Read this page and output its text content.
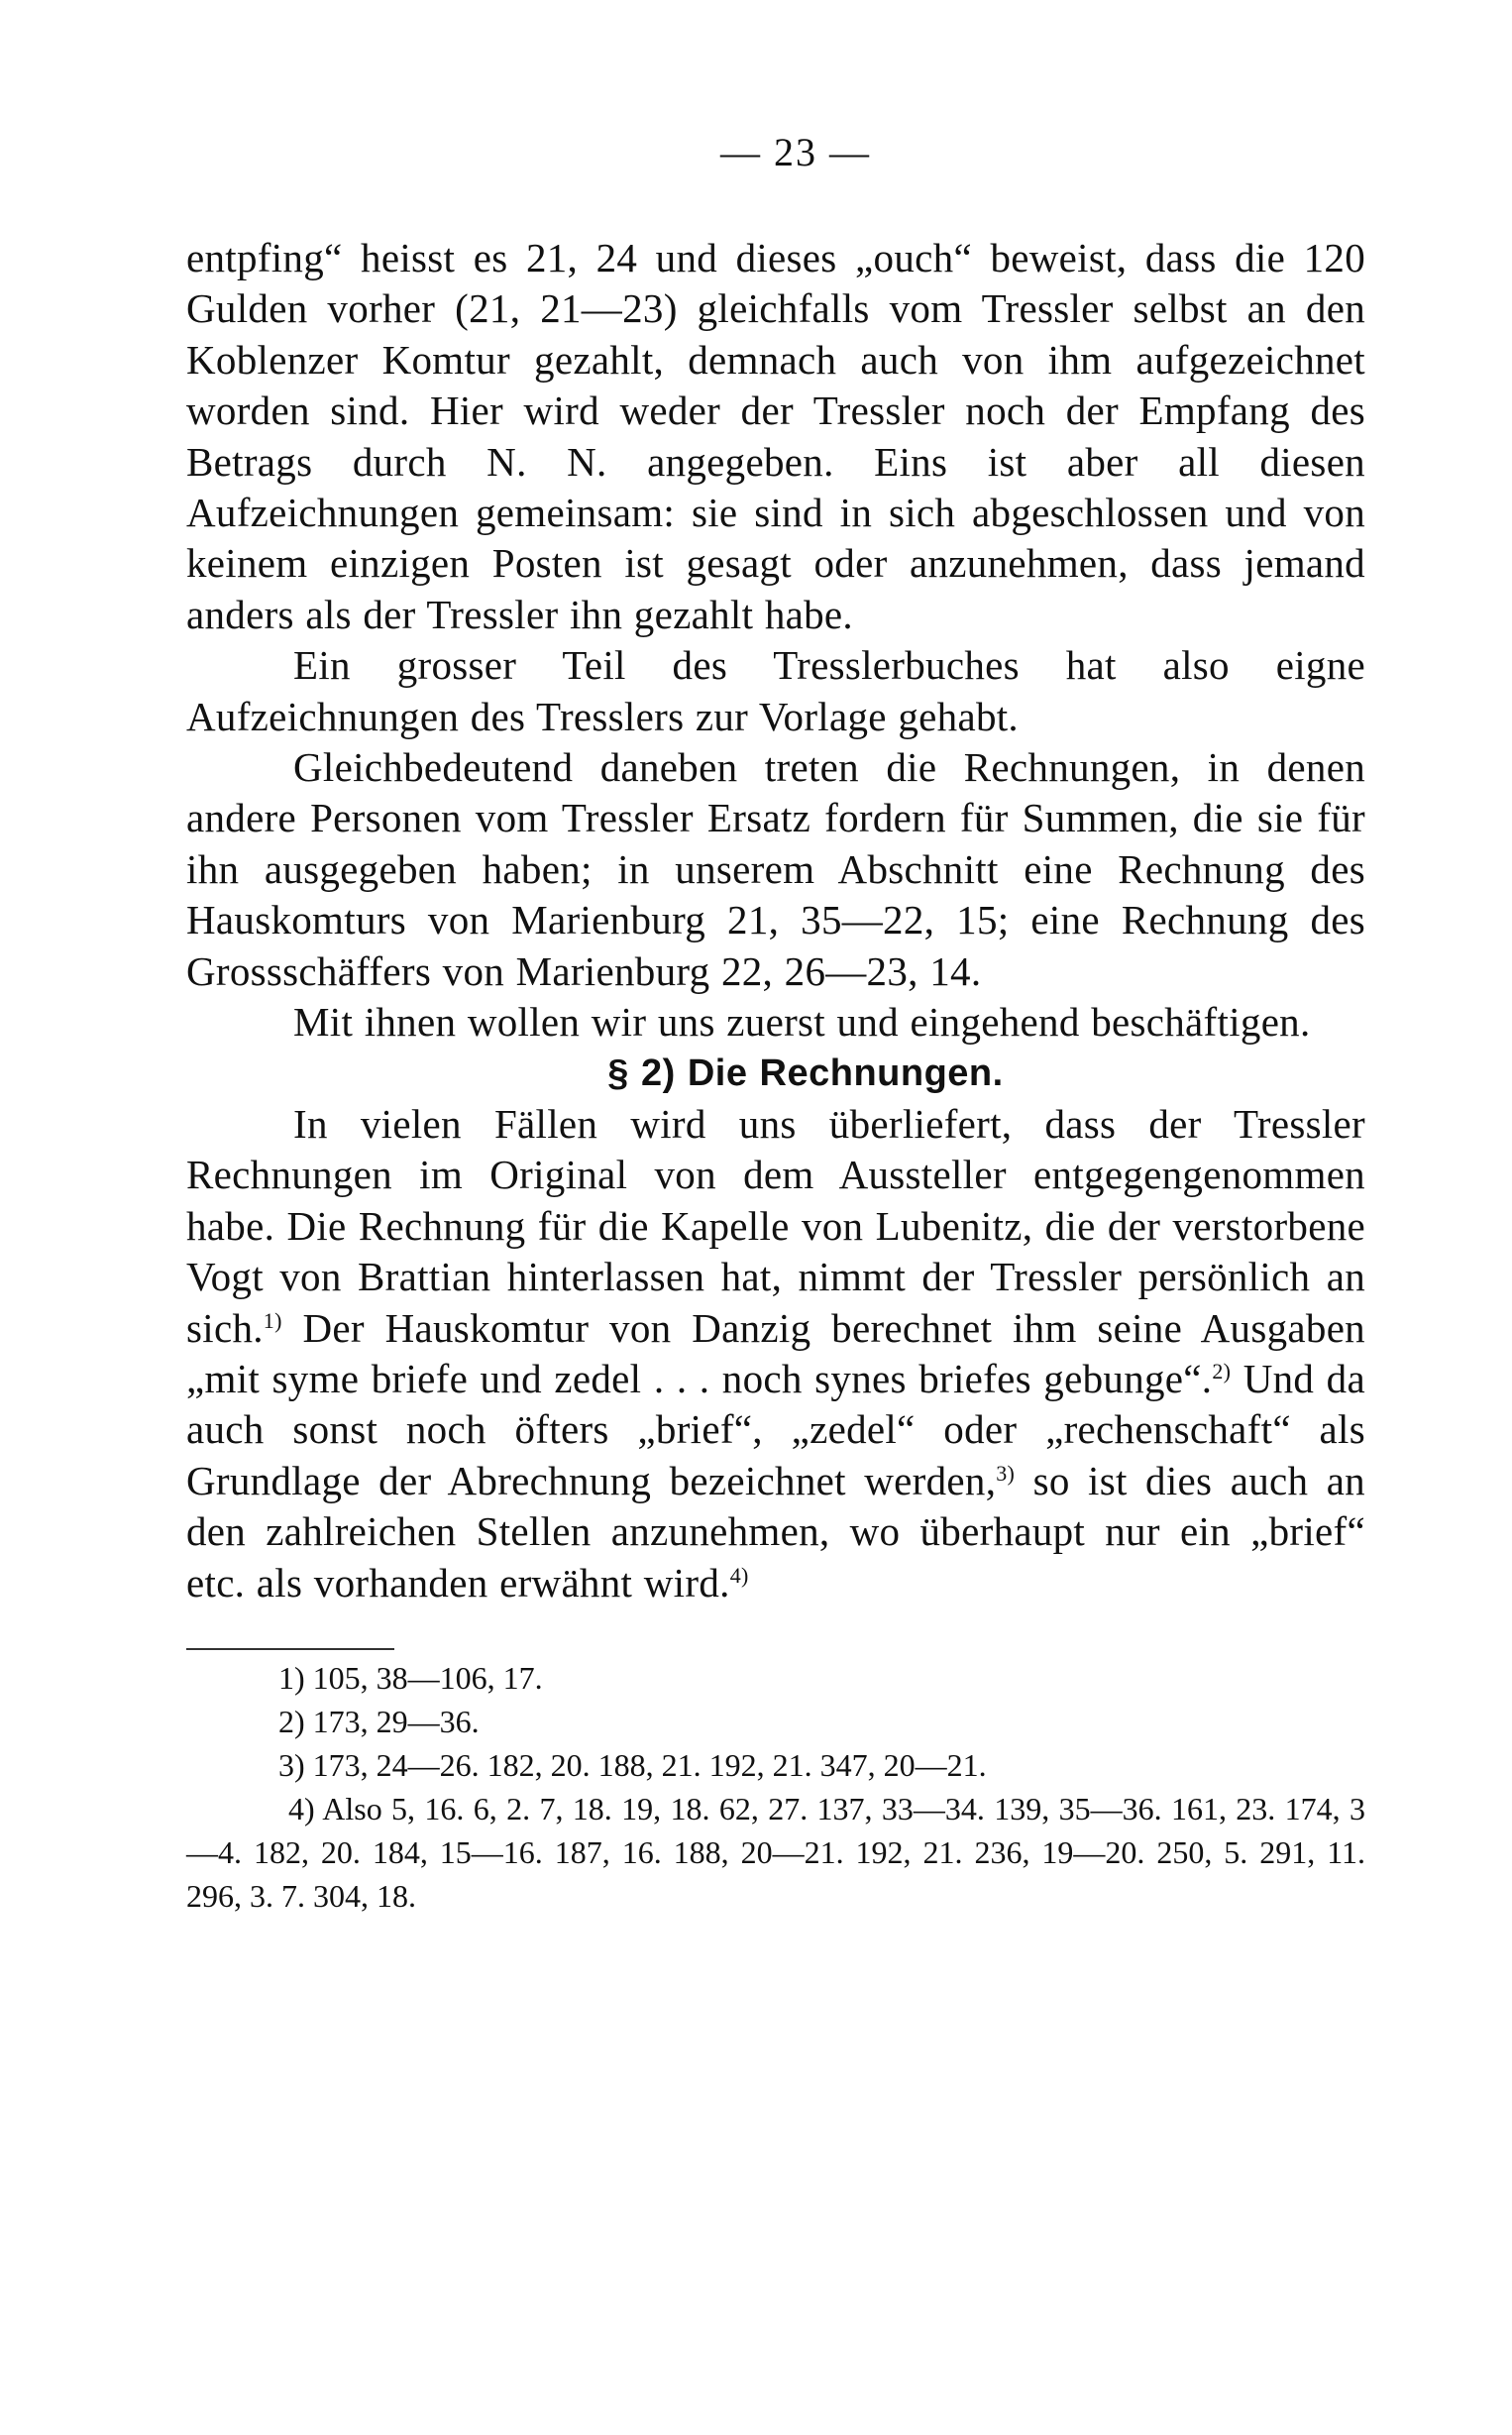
— 23 —

entpfing“ heisst es 21, 24 und dieses „ouch“ beweist, dass die 120 Gulden vorher (21, 21—23) gleichfalls vom Tressler selbst an den Koblenzer Komtur gezahlt, demnach auch von ihm aufgezeichnet worden sind. Hier wird weder der Tressler noch der Empfang des Betrags durch N. N. angegeben. Eins ist aber all diesen Aufzeichnungen gemeinsam: sie sind in sich abgeschlossen und von keinem einzigen Posten ist gesagt oder anzunehmen, dass jemand anders als der Tressler ihn gezahlt habe.

Ein grosser Teil des Tresslerbuches hat also eigne Aufzeichnungen des Tresslers zur Vorlage gehabt.

Gleichbedeutend daneben treten die Rechnungen, in denen andere Personen vom Tressler Ersatz fordern für Summen, die sie für ihn ausgegeben haben; in unserem Abschnitt eine Rechnung des Hauskomturs von Marienburg 21, 35—22, 15; eine Rechnung des Grossschäffers von Marienburg 22, 26—23, 14.

Mit ihnen wollen wir uns zuerst und eingehend beschäftigen.

§ 2) Die Rechnungen.

In vielen Fällen wird uns überliefert, dass der Tressler Rechnungen im Original von dem Aussteller entgegengenommen habe. Die Rechnung für die Kapelle von Lubenitz, die der verstorbene Vogt von Brattian hinterlassen hat, nimmt der Tressler persönlich an sich.$^{1)}$ Der Hauskomtur von Danzig berechnet ihm seine Ausgaben „mit syme briefe und zedel . . . noch synes briefes gebunge“.$^{2)}$ Und da auch sonst noch öfters „brief“, „zedel“ oder „rechenschaft“ als Grundlage der Abrechnung bezeichnet werden,$^{3)}$ so ist dies auch an den zahlreichen Stellen anzunehmen, wo überhaupt nur ein „brief“ etc. als vorhanden erwähnt wird.$^{4)}$

1) 105, 38—106, 17.

2) 173, 29—36.

3) 173, 24—26. 182, 20. 188, 21. 192, 21. 347, 20—21.

4) Also 5, 16. 6, 2. 7, 18. 19, 18. 62, 27. 137, 33—34. 139, 35—36. 161, 23. 174, 3—4. 182, 20. 184, 15—16. 187, 16. 188, 20—21. 192, 21. 236, 19—20. 250, 5. 291, 11. 296, 3. 7. 304, 18.
